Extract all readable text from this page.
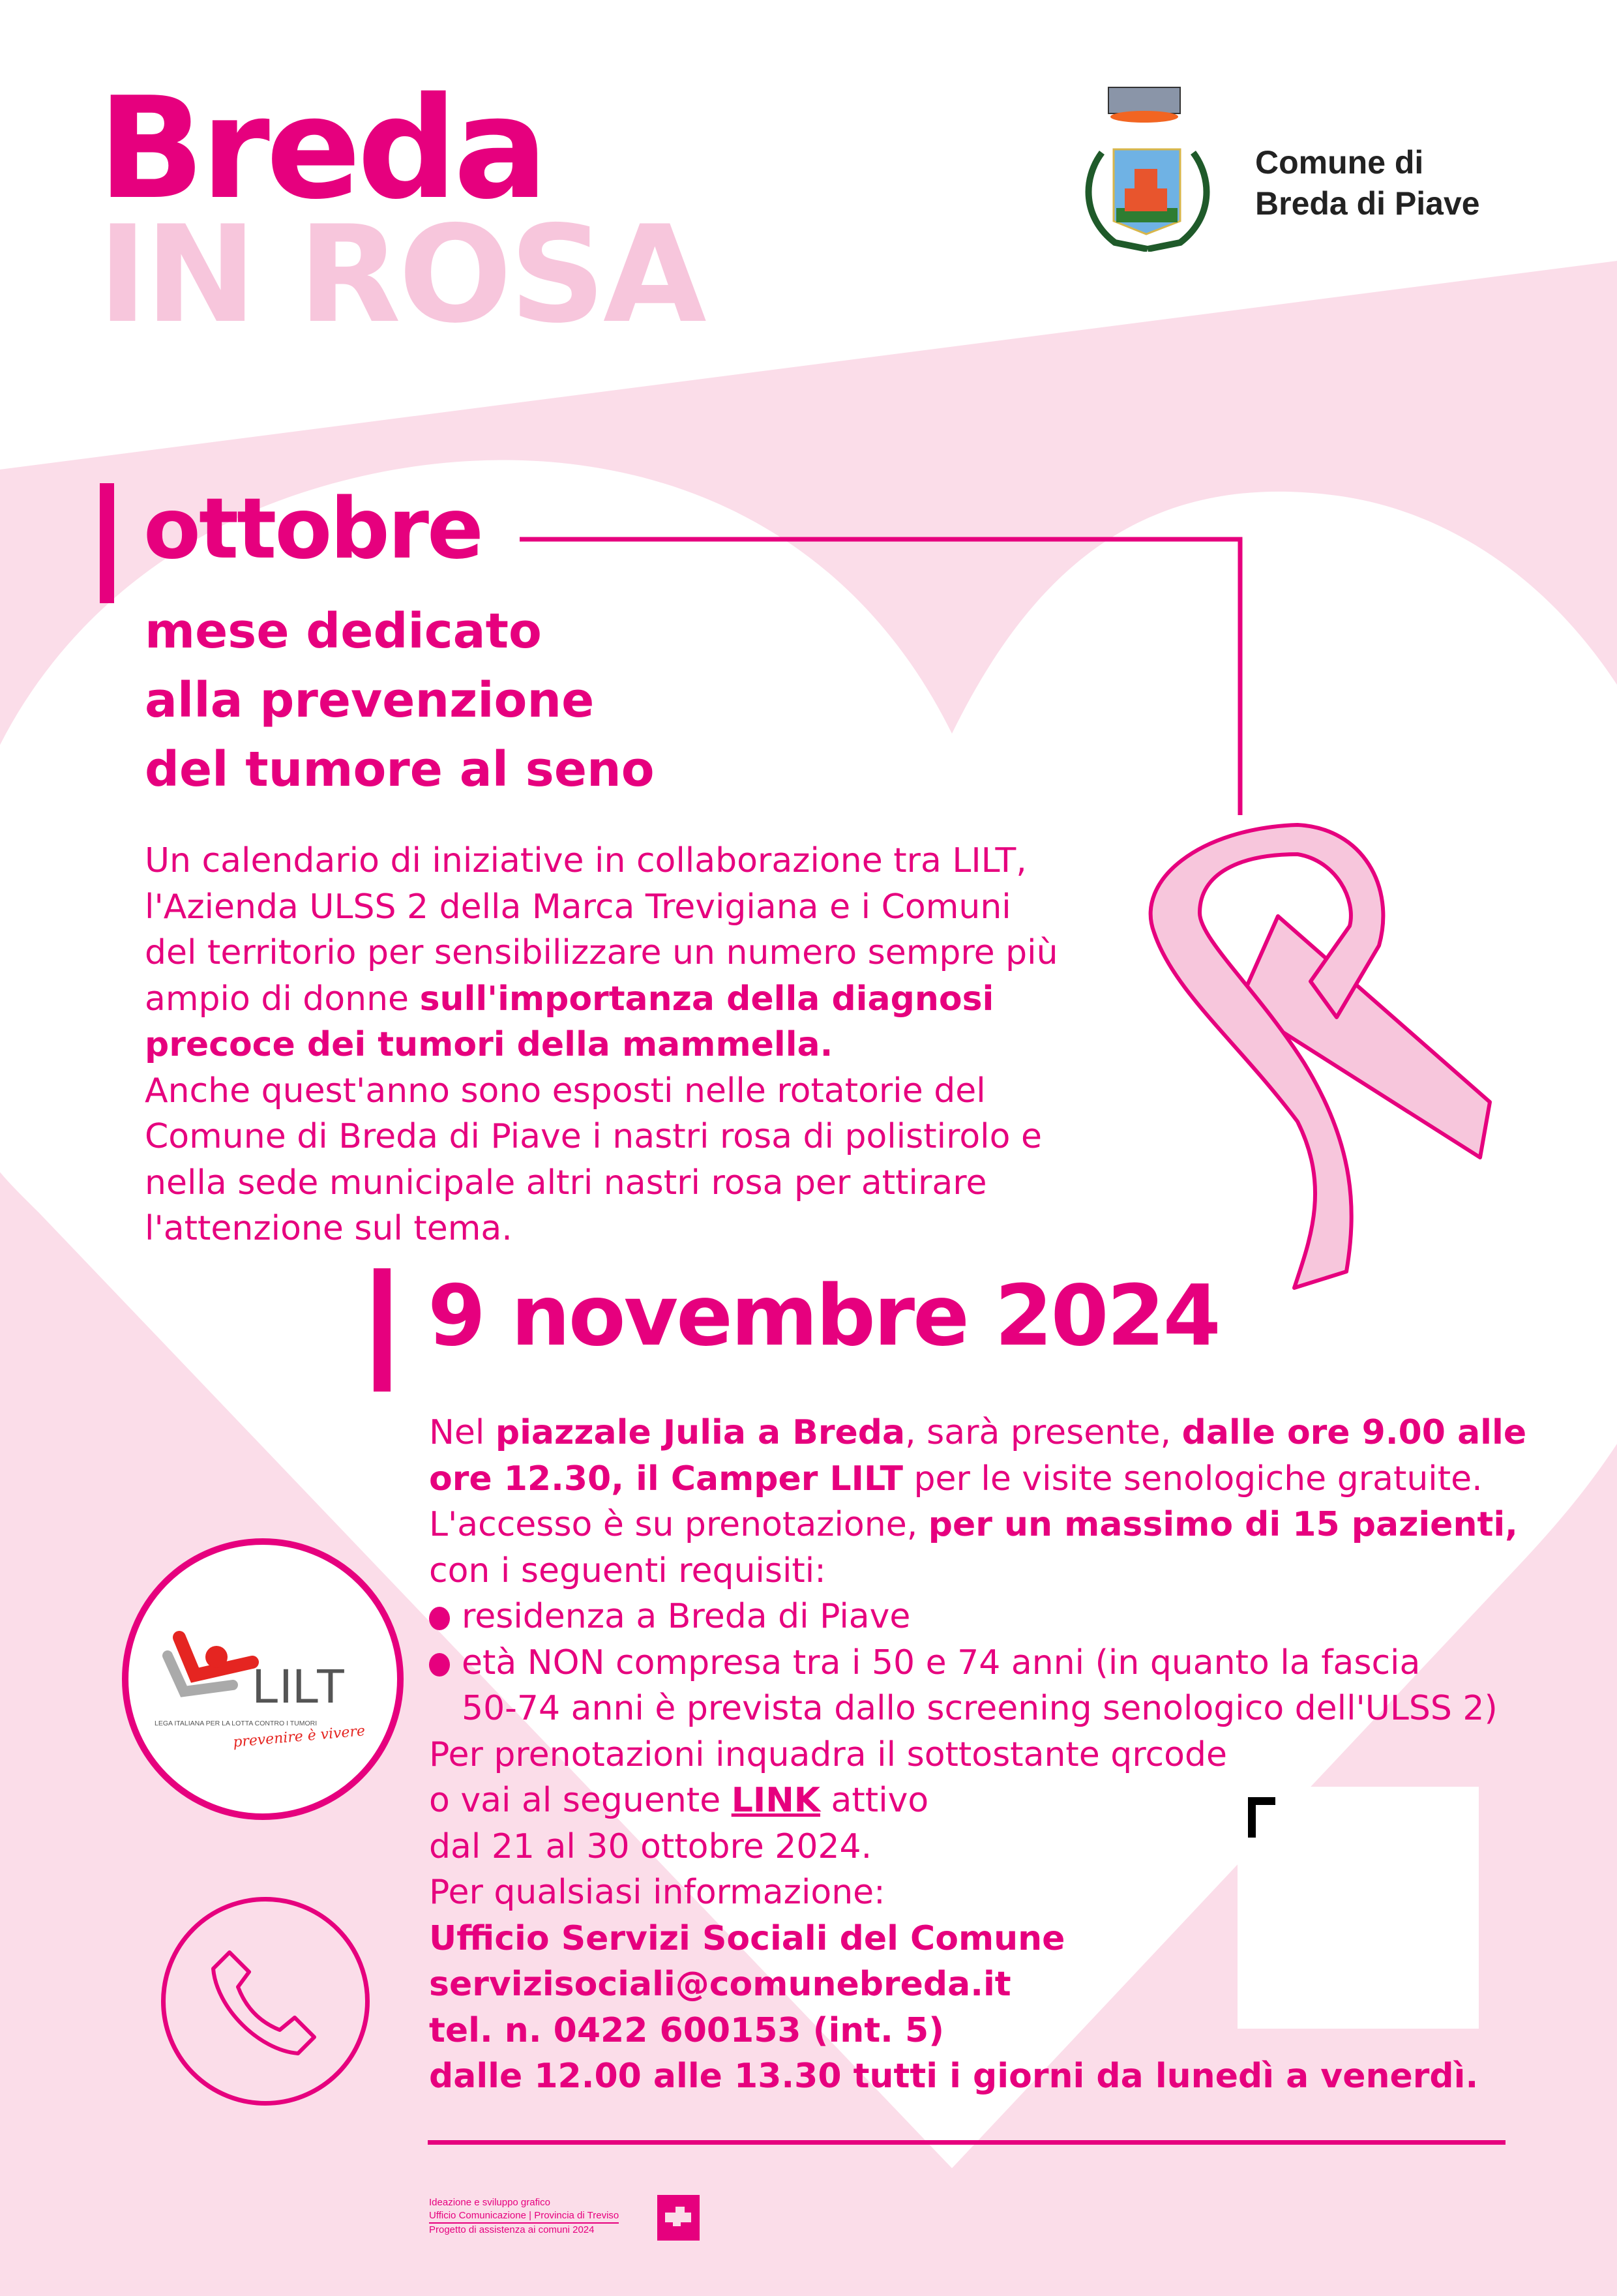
Breda
IN ROSA
Comune di
Breda di Piave
ottobre
mese dedicato
alla prevenzione
del tumore al seno
Un calendario di iniziative in collaborazione tra LILT,
l'Azienda ULSS 2 della Marca Trevigiana e i Comuni
del territorio per sensibilizzare un numero sempre più
ampio di donne sull'importanza della diagnosi
precoce dei tumori della mammella.
Anche quest'anno sono esposti nelle rotatorie del
Comune di Breda di Piave i nastri rosa di polistirolo e
nella sede municipale altri nastri rosa per attirare
l'attenzione sul tema.
9 novembre 2024
Nel piazzale Julia a Breda, sarà presente, dalle ore 9.00 alle
ore 12.30, il Camper LILT per le visite senologiche gratuite.
L'accesso è su prenotazione, per un massimo di 15 pazienti,
con i seguenti requisiti:
residenza a Breda di Piave
età NON compresa tra i 50 e 74 anni (in quanto la fascia
50-74 anni è prevista dallo screening senologico dell'ULSS 2)
Per prenotazioni inquadra il sottostante qrcode
o vai al seguente LINK attivo
dal 21 al 30 ottobre 2024.
Per qualsiasi informazione:
Ufficio Servizi Sociali del Comune
servizisociali@comunebreda.it
tel. n. 0422 600153 (int. 5)
dalle 12.00 alle 13.30 tutti i giorni da lunedì a venerdì.
LILT
LEGA ITALIANA PER LA LOTTA CONTRO I TUMORI
prevenire è vivere
Ideazione e sviluppo grafico
Ufficio Comunicazione | Provincia di Treviso
Progetto di assistenza ai comuni 2024
